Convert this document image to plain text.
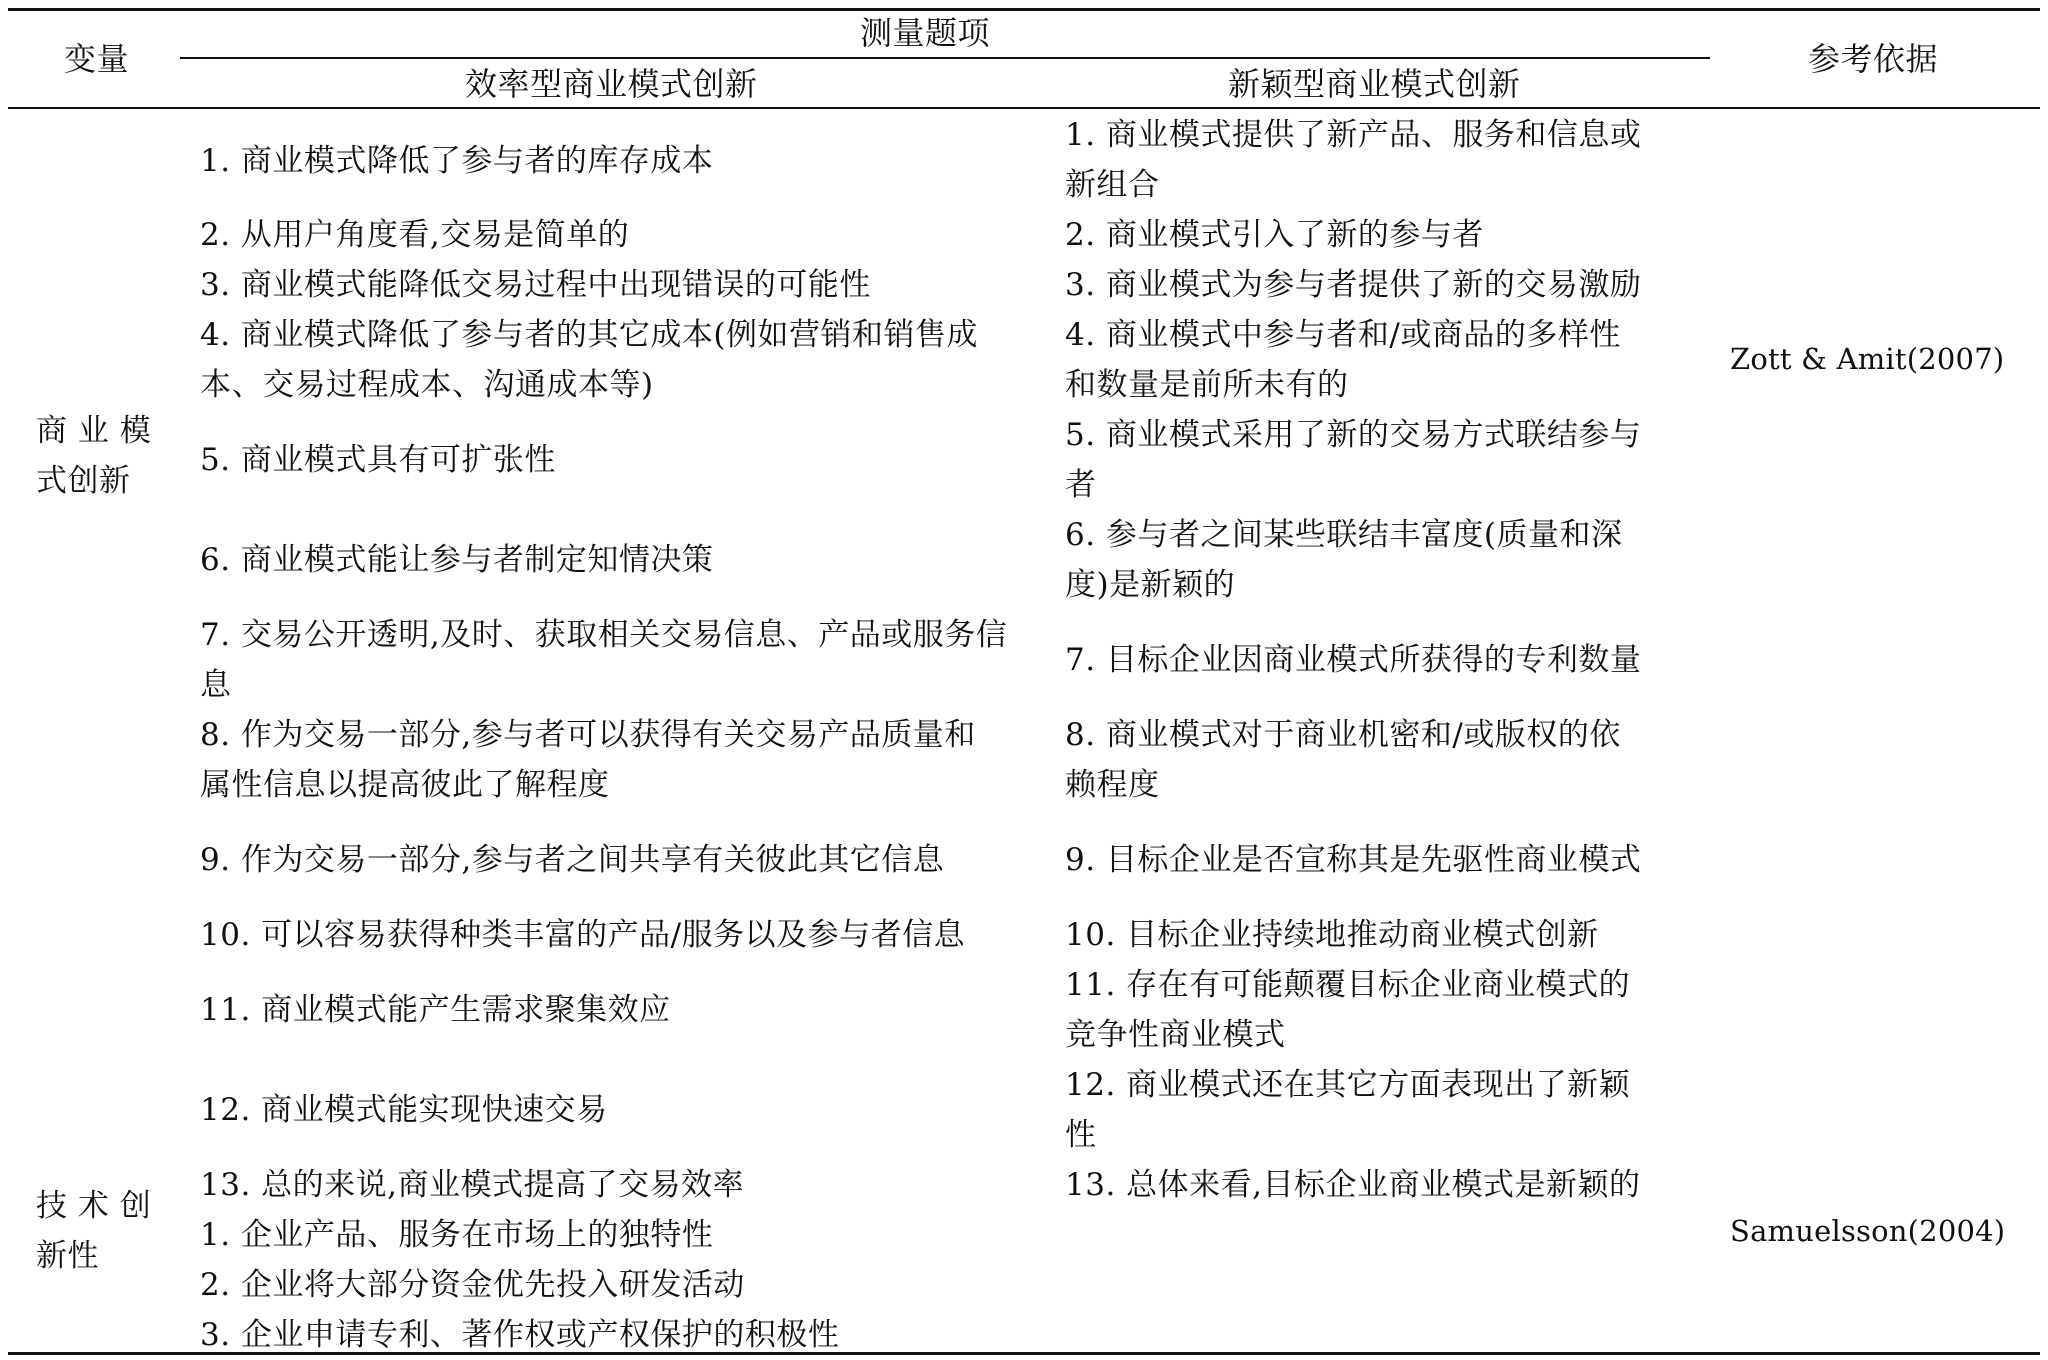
变量
测量题项
效率型商业模式创新	新颖型商业模式创新
参考依据
商 业 模
式创新
技 术 创
新性
Zott & Amit(2007)
Samuelsson(2004)
1. 商业模式降低了参与者的库存成本
2. 从用户角度看,交易是简单的
3. 商业模式能降低交易过程中出现错误的可能性
4. 商业模式降低了参与者的其它成本(例如营销和销售成
本、交易过程成本、沟通成本等)
5. 商业模式具有可扩张性
6. 商业模式能让参与者制定知情决策
7. 交易公开透明,及时、获取相关交易信息、产品或服务信
息
8. 作为交易一部分,参与者可以获得有关交易产品质量和
属性信息以提高彼此了解程度
9. 作为交易一部分,参与者之间共享有关彼此其它信息
10. 可以容易获得种类丰富的产品/服务以及参与者信息
11. 商业模式能产生需求聚集效应
12. 商业模式能实现快速交易
13. 总的来说,商业模式提高了交易效率
1. 商业模式提供了新产品、服务和信息或
新组合
2. 商业模式引入了新的参与者
3. 商业模式为参与者提供了新的交易激励
4. 商业模式中参与者和/或商品的多样性
和数量是前所未有的
5. 商业模式采用了新的交易方式联结参与
者
6. 参与者之间某些联结丰富度(质量和深
度)是新颖的
7. 目标企业因商业模式所获得的专利数量
8. 商业模式对于商业机密和/或版权的依
赖程度
9. 目标企业是否宣称其是先驱性商业模式
10. 目标企业持续地推动商业模式创新
11. 存在有可能颠覆目标企业商业模式的
竞争性商业模式
12. 商业模式还在其它方面表现出了新颖
性
13. 总体来看,目标企业商业模式是新颖的
1. 企业产品、服务在市场上的独特性
2. 企业将大部分资金优先投入研发活动
3. 企业申请专利、著作权或产权保护的积极性
